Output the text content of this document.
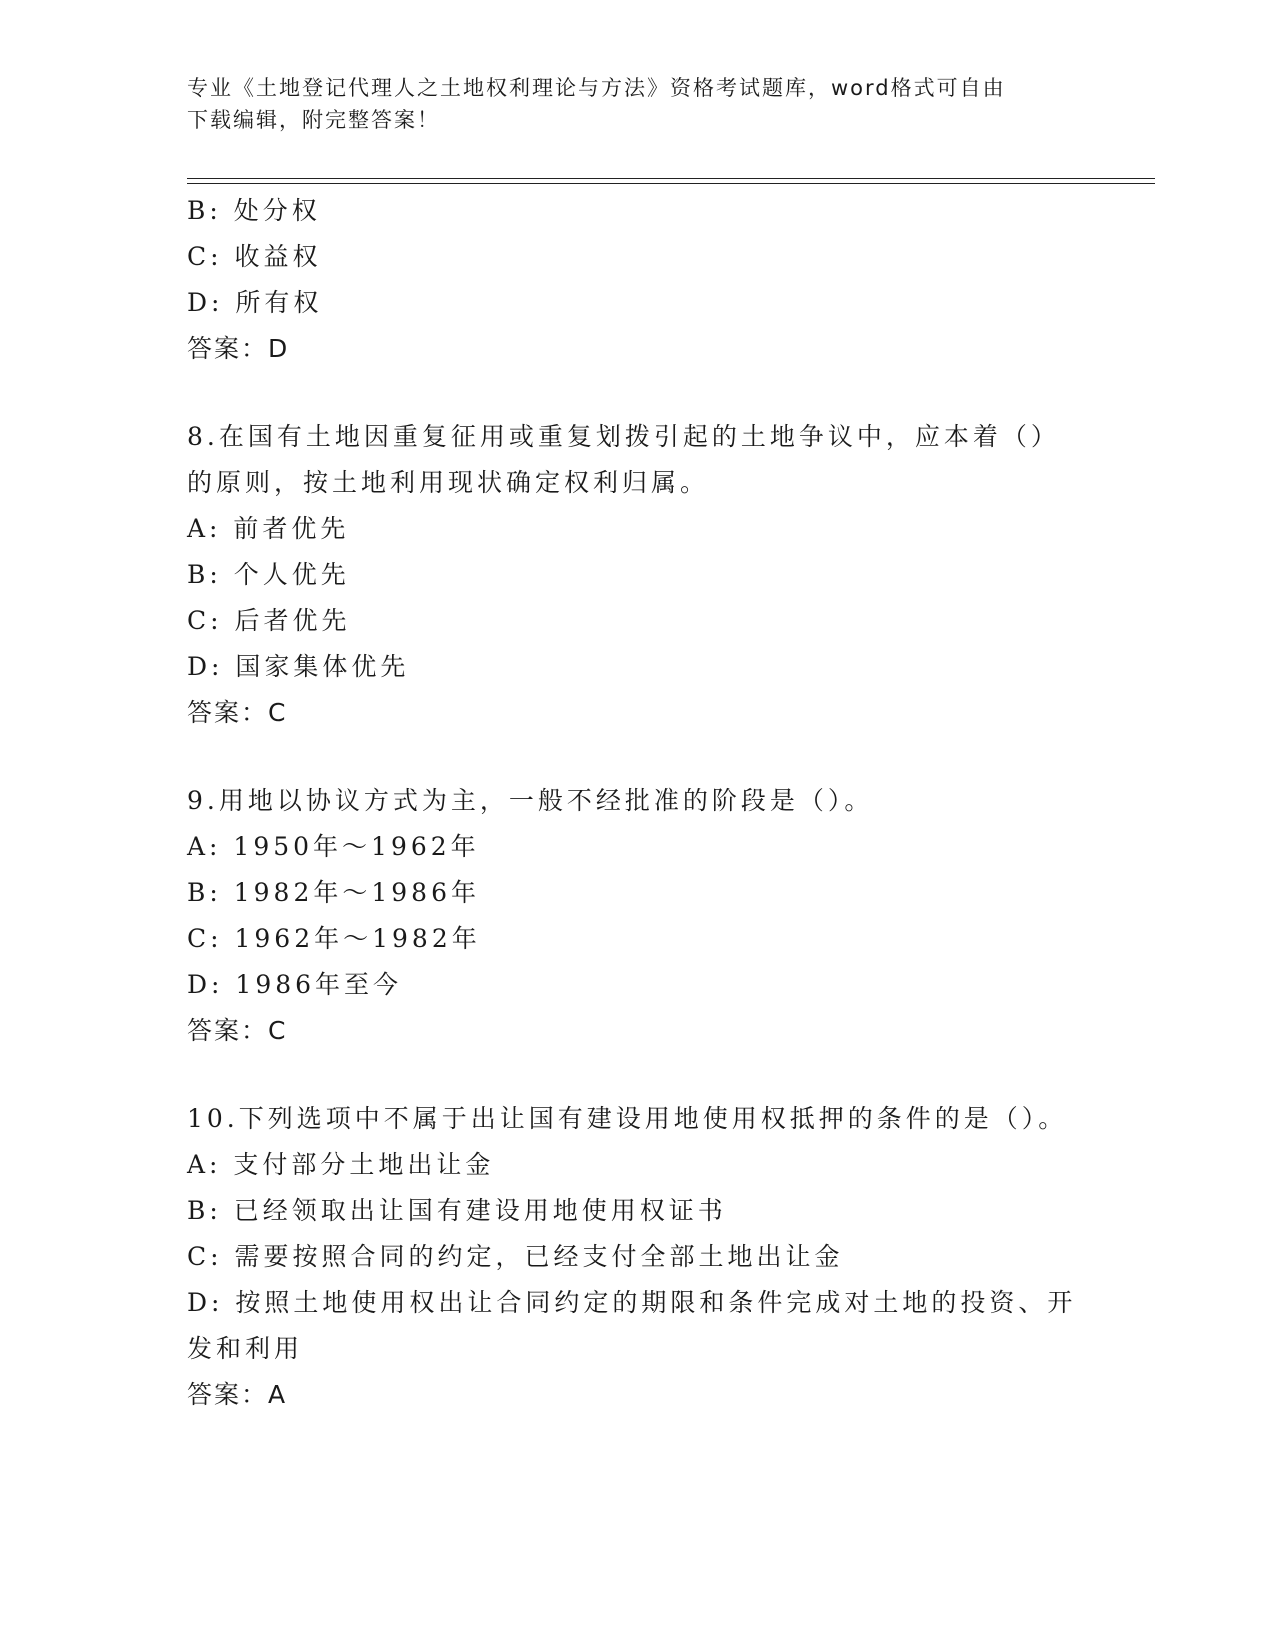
专业《土地登记代理人之土地权利理论与方法》资格考试题库，word格式可自由
下载编辑，附完整答案！
B: 处分权
C: 收益权
D: 所有权
答案：D
8.在国有土地因重复征用或重复划拨引起的土地争议中，应本着（）
的原则，按土地利用现状确定权利归属。
A: 前者优先
B: 个人优先
C: 后者优先
D: 国家集体优先
答案：C
9.用地以协议方式为主，一般不经批准的阶段是（）。
A: 1950年～1962年
B: 1982年～1986年
C: 1962年～1982年
D: 1986年至今
答案：C
10.下列选项中不属于出让国有建设用地使用权抵押的条件的是（）。
A: 支付部分土地出让金
B: 已经领取出让国有建设用地使用权证书
C: 需要按照合同的约定，已经支付全部土地出让金
D: 按照土地使用权出让合同约定的期限和条件完成对土地的投资、开
发和利用
答案：A
